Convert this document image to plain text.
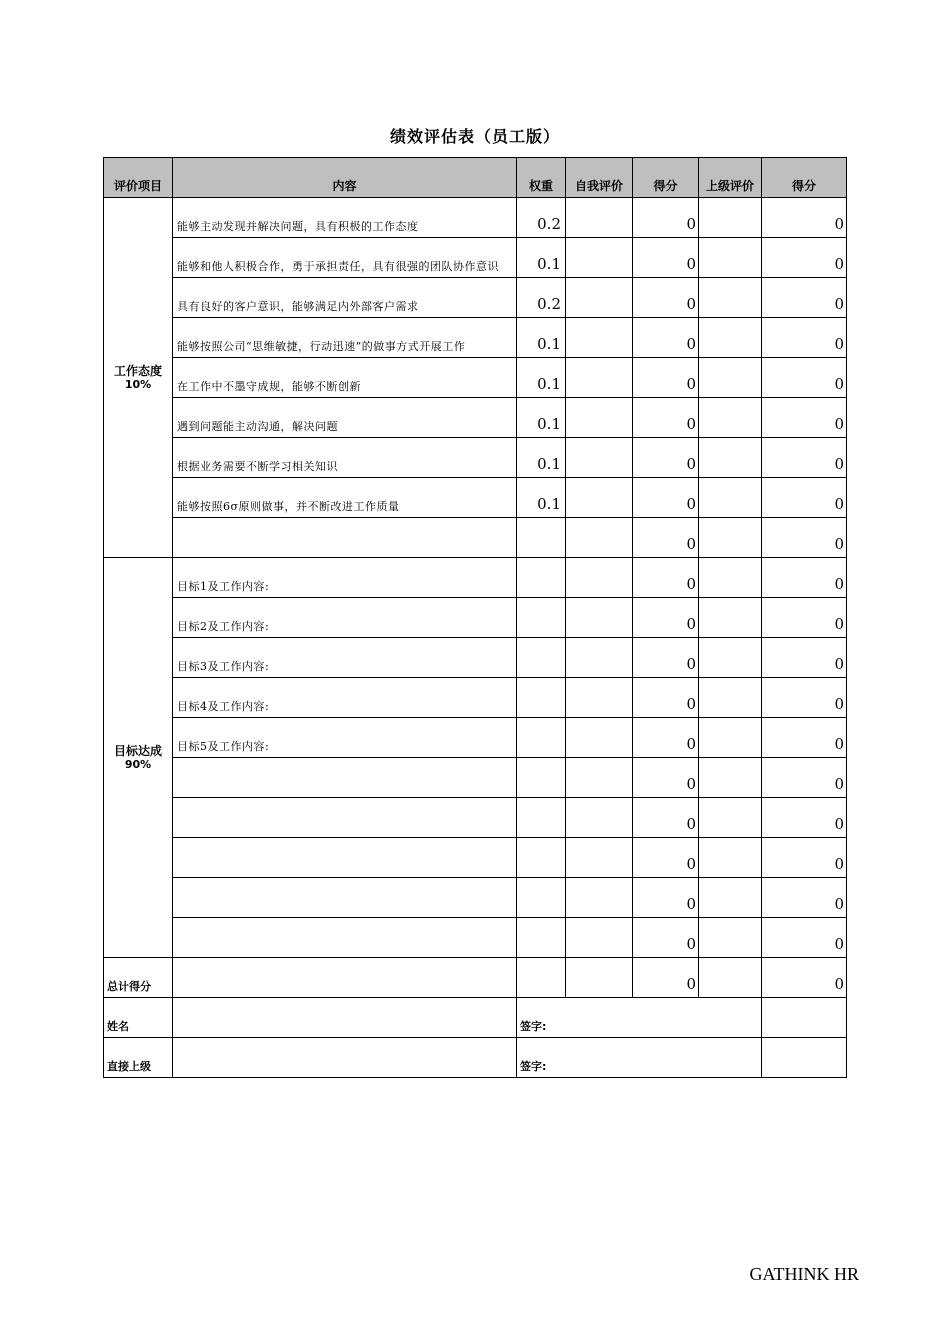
绩效评估表（员工版）
评价项目	内容	权重	自我评价	得分	上级评价	得分

工作态度
10%	能够主动发现并解决问题，具有积极的工作态度	0.2		0		0
	能够和他人积极合作，勇于承担责任，具有很强的团队协作意识	0.1		0		0
	具有良好的客户意识，能够满足内外部客户需求	0.2		0		0
	能够按照公司“思维敏捷，行动迅速”的做事方式开展工作	0.1		0		0
	在工作中不墨守成规，能够不断创新	0.1		0		0
	遇到问题能主动沟通，解决问题	0.1		0		0
	根据业务需要不断学习相关知识	0.1		0		0
	能够按照6σ原则做事，并不断改进工作质量	0.1		0		0
				0		0

目标达成
90%	目标1及工作内容:			0		0
	目标2及工作内容:			0		0
	目标3及工作内容:			0		0
	目标4及工作内容:			0		0
	目标5及工作内容:			0		0
				0		0
				0		0
				0		0
				0		0
				0		0
总计得分				0		0
姓名		签字:				
直接上级		签字:				
GATHINK HR
